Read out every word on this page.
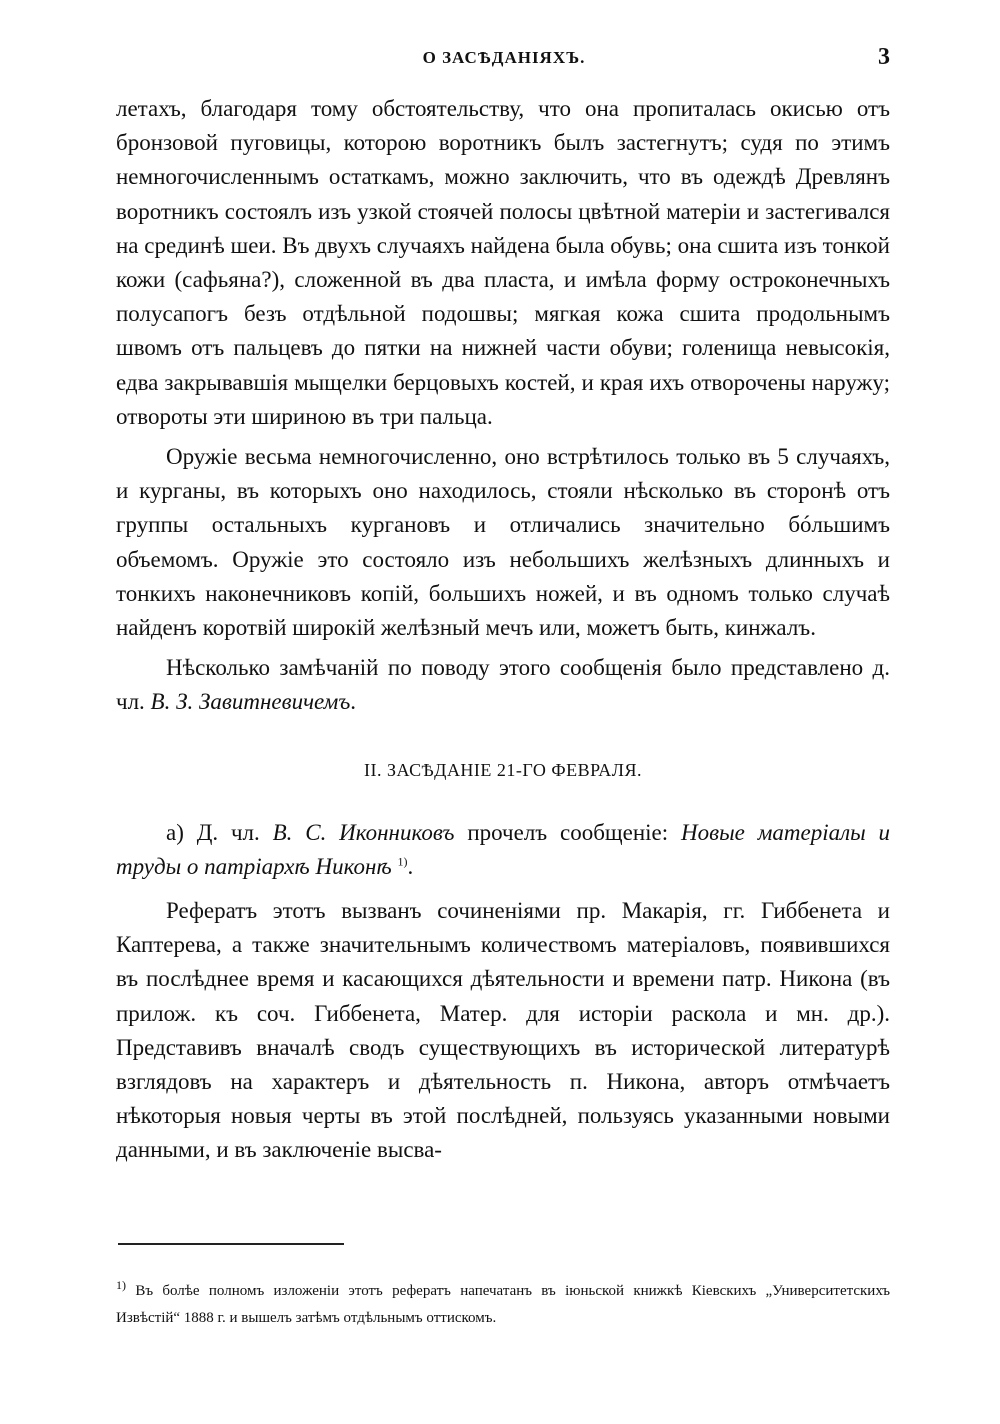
О ЗАСѢДАНІЯХЪ.	3

летахъ, благодаря тому обстоятельству, что она пропиталась окисью отъ бронзовой пуговицы, которою воротникъ былъ застегнутъ; судя по этимъ немногочисленнымъ остаткамъ, можно заключить, что въ одеждѣ Древлянъ воротникъ состоялъ изъ узкой стоячей полосы цвѣтной матеріи и застегивался на срединѣ шеи. Въ двухъ случаяхъ найдена была обувь; она сшита изъ тонкой кожи (сафьяна?), сложенной въ два пласта, и имѣла форму остроконечныхъ полусапогъ безъ отдѣльной подошвы; мягкая кожа сшита продольнымъ швомъ отъ пальцевъ до пятки на нижней части обуви; голенища невысокія, едва закрывавшія мыщелки берцовыхъ костей, и края ихъ отворочены наружу; отвороты эти шириною въ три пальца.

Оружіе весьма немногочисленно, оно встрѣтилось только въ 5 случаяхъ, и курганы, въ которыхъ оно находилось, стояли нѣсколько въ сторонѣ отъ группы остальныхъ кургановъ и отличались значительно бóльшимъ объемомъ. Оружіе это состояло изъ небольшихъ желѣзныхъ длинныхъ и тонкихъ наконечниковъ копій, большихъ ножей, и въ одномъ только случаѣ найденъ коротвій широкій желѣзный мечъ или, можетъ быть, кинжалъ.

Нѣсколько замѣчаній по поводу этого сообщенія было представлено д. чл. В. З. Завитневичемъ.

II. ЗАСѢДАНІЕ 21-ГО ФЕВРАЛЯ.

а) Д. чл. В. С. Иконниковъ прочелъ сообщеніе: Новые матеріалы и труды о патріархѣ Никонѣ $^{1)}$.

Рефератъ этотъ вызванъ сочиненіями пр. Макарія, гг. Гиббенета и Каптерева, а также значительнымъ количествомъ матеріаловъ, появившихся въ послѣднее время и касающихся дѣятельности и времени патр. Никона (въ прилож. къ соч. Гиббенета, Матер. для исторіи раскола и мн. др.). Представивъ вначалѣ сводъ существующихъ въ исторической литературѣ взглядовъ на характеръ и дѣятельность п. Никона, авторъ отмѣчаетъ нѣкоторыя новыя черты въ этой послѣдней, пользуясь указанными новыми данными, и въ заключеніе высва-

$^{1)}$ Въ болѣе полномъ изложеніи этотъ рефератъ напечатанъ въ іюньской книжкѣ Кіевскихъ „Университетскихъ Извѣстій“ 1888 г. и вышелъ затѣмъ отдѣльнымъ оттискомъ.
